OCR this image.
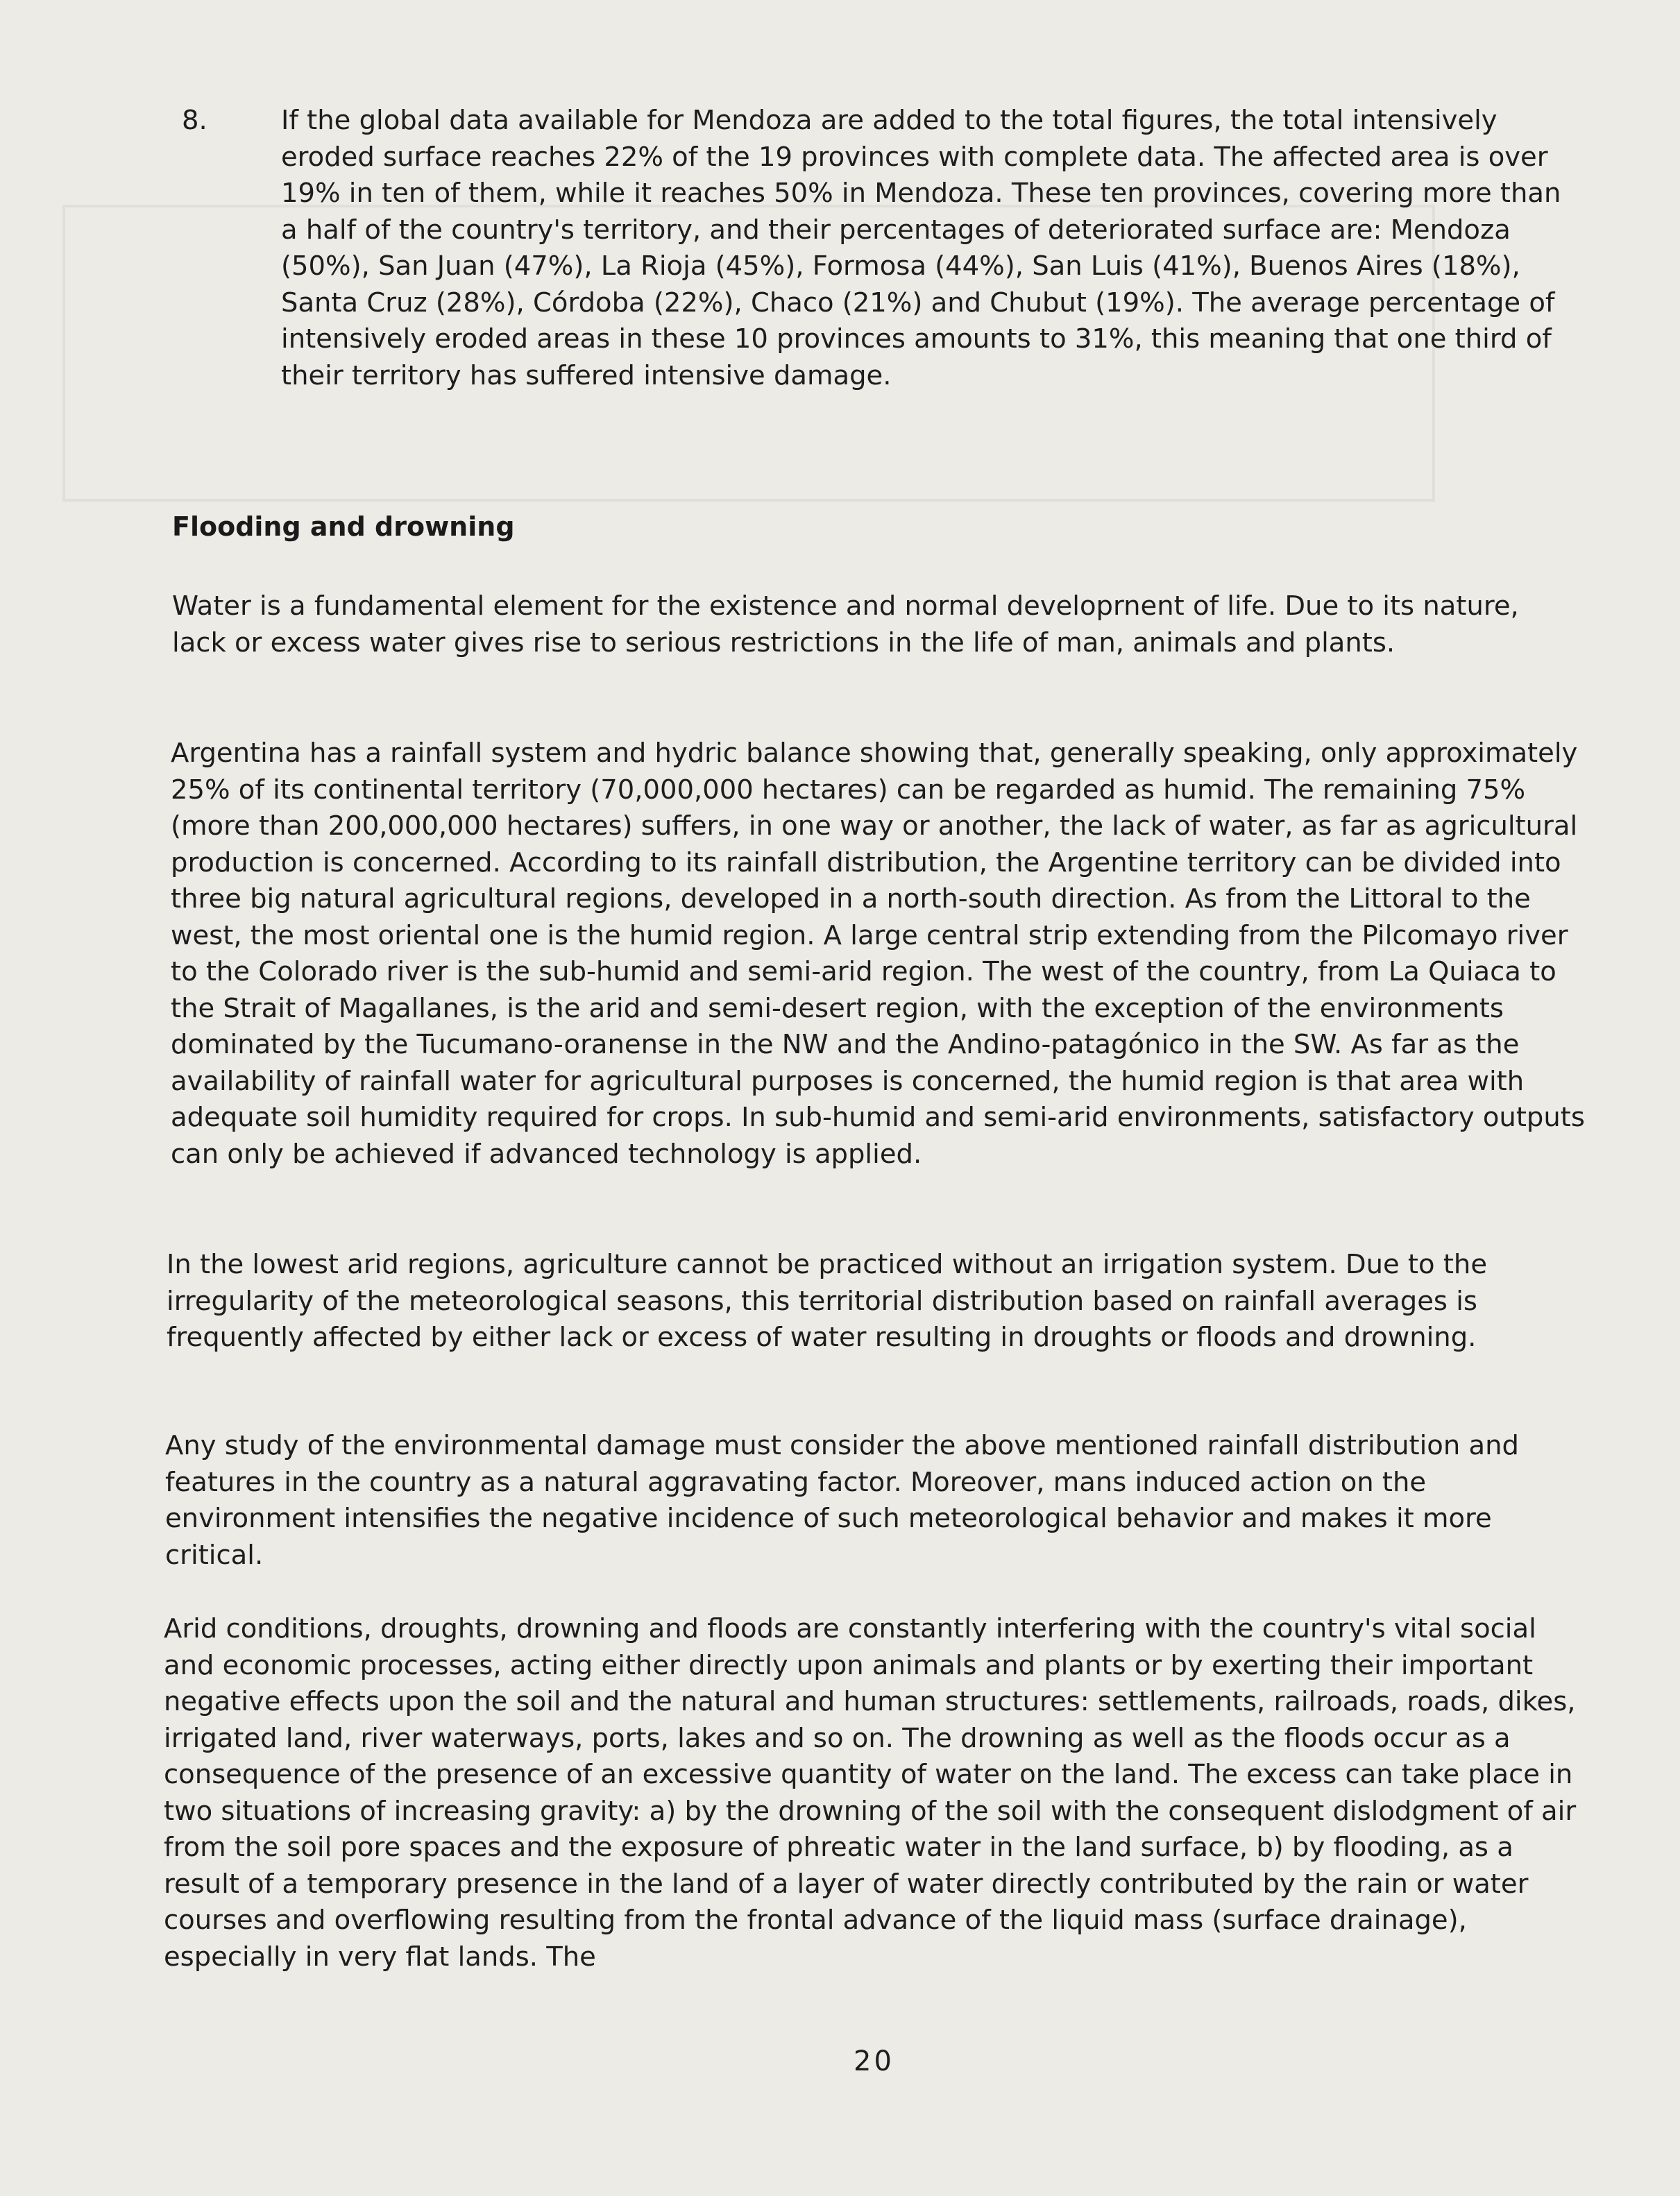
8.	If the global data available for Mendoza are added to the total figures, the total intensively eroded surface reaches 22% of the 19 provinces with complete data. The affected area is over 19% in ten of them, while it reaches 50% in Mendoza. These ten provinces, covering more than a half of the country's territory, and their percentages of deteriorated surface are: Mendoza (50%), San Juan (47%), La Rioja (45%), Formosa (44%), San Luis (41%), Buenos Aires (18%), Santa Cruz (28%), Córdoba (22%), Chaco (21%) and Chubut (19%). The average percentage of intensively eroded areas in these 10 provinces amounts to 31%, this meaning that one third of their territory has suffered intensive damage.

Flooding and drowning

Water is a fundamental element for the existence and normal developrnent of life. Due to its nature, lack or excess water gives rise to serious restrictions in the life of man, animals and plants.

Argentina has a rainfall system and hydric balance showing that, generally speaking, only approximately 25% of its continental territory (70,000,000 hectares) can be regarded as humid. The remaining 75% (more than 200,000,000 hectares) suffers, in one way or another, the lack of water, as far as agricultural production is concerned. According to its rainfall distribution, the Argentine territory can be divided into three big natural agricultural regions, developed in a north-south direction. As from the Littoral to the west, the most oriental one is the humid region. A large central strip extending from the Pilcomayo river to the Colorado river is the sub-humid and semi-arid region. The west of the country, from La Quiaca to the Strait of Magallanes, is the arid and semi-desert region, with the exception of the environments dominated by the Tucumano-oranense in the NW and the Andino-patagónico in the SW. As far as the availability of rainfall water for agricultural purposes is concerned, the humid region is that area with adequate soil humidity required for crops. In sub-humid and semi-arid environments, satisfactory outputs can only be achieved if advanced technology is applied.

In the lowest arid regions, agriculture cannot be practiced without an irrigation system. Due to the irregularity of the meteorological seasons, this territorial distribution based on rainfall averages is frequently affected by either lack or excess of water resulting in droughts or floods and drowning.

Any study of the environmental damage must consider the above mentioned rainfall distribution and features in the country as a natural aggravating factor. Moreover, mans induced action on the environment intensifies the negative incidence of such meteorological behavior and makes it more critical.

Arid conditions, droughts, drowning and floods are constantly interfering with the country's vital social and economic processes, acting either directly upon animals and plants or by exerting their important negative effects upon the soil and the natural and human structures: settlements, railroads, roads, dikes, irrigated land, river waterways, ports, lakes and so on. The drowning as well as the floods occur as a consequence of the presence of an excessive quantity of water on the land. The excess can take place in two situations of increasing gravity: a) by the drowning of the soil with the consequent dislodgment of air from the soil pore spaces and the exposure of phreatic water in the land surface, b) by flooding, as a result of a temporary presence in the land of a layer of water directly contributed by the rain or water courses and overflowing resulting from the frontal advance of the liquid mass (surface drainage), especially in very flat lands. The

20
